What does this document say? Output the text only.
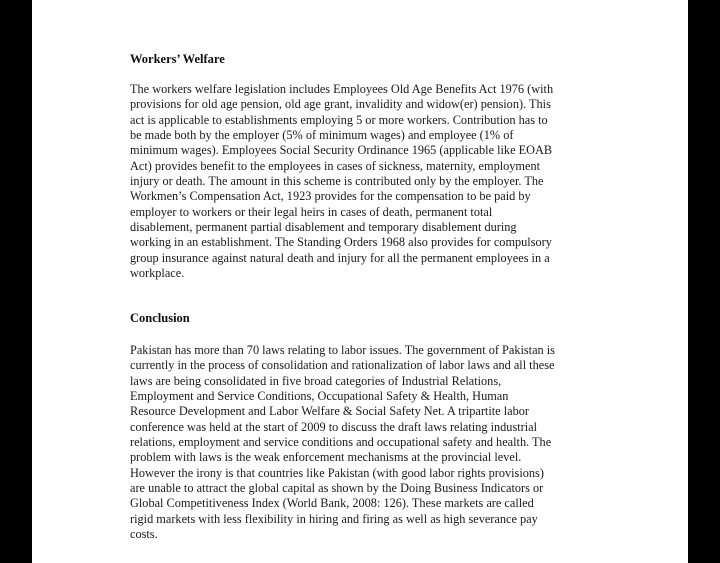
Workers’ Welfare
The workers welfare legislation includes Employees Old Age Benefits Act 1976 (with
provisions for old age pension, old age grant, invalidity and widow(er) pension). This
act is applicable to establishments employing 5 or more workers. Contribution has to
be made both by the employer (5% of minimum wages) and employee (1% of
minimum wages). Employees Social Security Ordinance 1965 (applicable like EOAB
Act) provides benefit to the employees in cases of sickness, maternity, employment
injury or death. The amount in this scheme is contributed only by the employer. The
Workmen’s Compensation Act, 1923 provides for the compensation to be paid by
employer to workers or their legal heirs in cases of death, permanent total
disablement, permanent partial disablement and temporary disablement during
working in an establishment. The Standing Orders 1968 also provides for compulsory
group insurance against natural death and injury for all the permanent employees in a
workplace.
Conclusion
Pakistan has more than 70 laws relating to labor issues. The government of Pakistan is
currently in the process of consolidation and rationalization of labor laws and all these
laws are being consolidated in five broad categories of Industrial Relations,
Employment and Service Conditions, Occupational Safety & Health, Human
Resource Development and Labor Welfare & Social Safety Net. A tripartite labor
conference was held at the start of 2009 to discuss the draft laws relating industrial
relations, employment and service conditions and occupational safety and health. The
problem with laws is the weak enforcement mechanisms at the provincial level.
However the irony is that countries like Pakistan (with good labor rights provisions)
are unable to attract the global capital as shown by the Doing Business Indicators or
Global Competitiveness Index (World Bank, 2008: 126). These markets are called
rigid markets with less flexibility in hiring and firing as well as high severance pay
costs.
